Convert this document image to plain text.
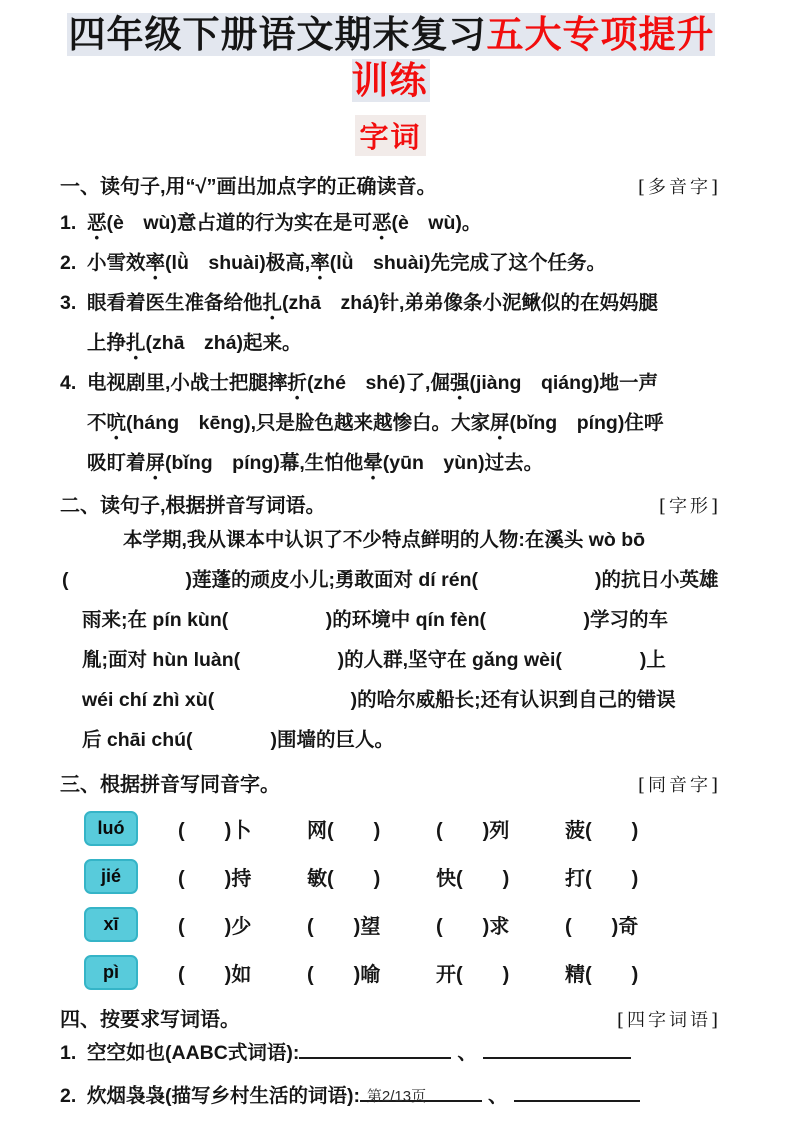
四年级下册语文期末复习五大专项提升训练
字词
一、读句子,用“√”画出加点字的正确读音。	[多音字]
1. 恶(è  wù)意占道的行为实在是可恶(è  wù)。
2. 小雪效率(lǜ  shuài)极高,率(lǜ  shuài)先完成了这个任务。
3. 眼看着医生准备给他扎(zhā  zhá)针,弟弟像条小泥鳅似的在妈妈腿
上挣扎(zhā  zhá)起来。
4. 电视剧里,小战士把腿摔折(zhé  shé)了,倔强(jiàng  qiáng)地一声
不吭(háng  kēng),只是脸色越来越惨白。大家屏(bǐng  píng)住呼
吸盯着屏(bǐng  píng)幕,生怕他晕(yūn  yùn)过去。
二、读句子,根据拼音写词语。	[字形]
本学期,我从课本中认识了不少特点鲜明的人物:在溪头 wò bō
(      )莲蓬的顽皮小儿;勇敢面对 dí rén(      )的抗日小英雄
雨来;在 pín kùn(     )的环境中 qín fèn(     )学习的车
胤;面对 hùn luàn(     )的人群,坚守在 gǎng wèi(    )上
wéi chí zhì xù(       )的哈尔威船长;还有认识到自己的错误
后 chāi chú(    )围墙的巨人。
三、根据拼音写同音字。	[同音字]
luó	(  )卜	网(  )	(  )列	菠(  )
jié	(  )持	敏(  )	快(  )	打(  )
xī	(  )少	(  )望	(  )求	(  )奇
pì	(  )如	(  )喻	开(  )	精(  )
四、按要求写词语。	[四字词语]
1. 空空如也(AABC式词语):	、
2. 炊烟袅袅(描写乡村生活的词语):	、
第2/13页
